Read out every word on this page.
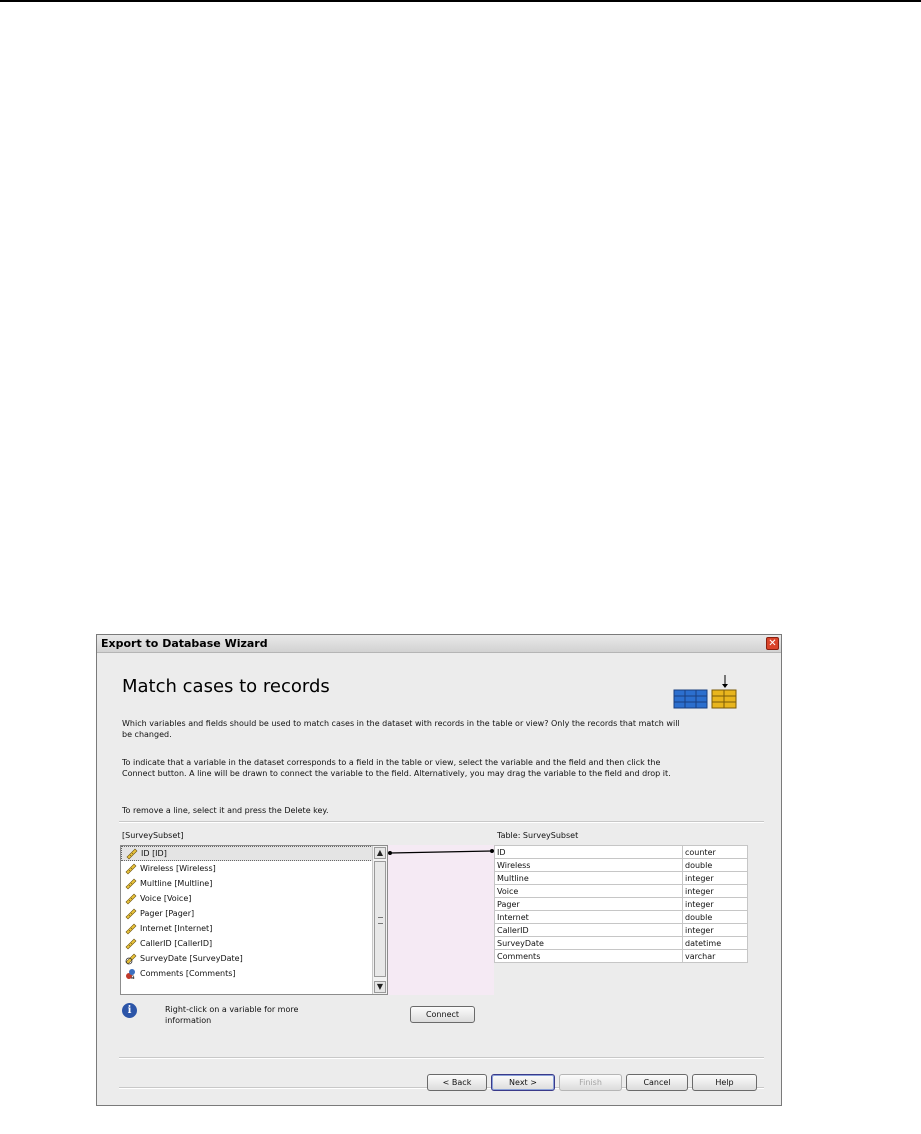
Export to Database Wizard	✕
Match cases to records
Which variables and fields should be used to match cases in the dataset with records in the table or view? Only the records that match will be changed.
To indicate that a variable in the dataset corresponds to a field in the table or view, select the variable and the field and then click the Connect button. A line will be drawn to connect the variable to the field. Alternatively, you may drag the variable to the field and drop it.
To remove a line, select it and press the Delete key.
[SurveySubset]	Table: SurveySubset
ID [ID]
Wireless [Wireless]
Multline [Multline]
Voice [Voice]
Pager [Pager]
Internet [Internet]
CallerID [CallerID]
SurveyDate [SurveyDate]
a Comments [Comments]
▲
▼
ID	counter
Wireless	double
Multline	integer
Voice	integer
Pager	integer
Internet	double
CallerID	integer
SurveyDate	datetime
Comments	varchar
i	Right-click on a variable for more information
Connect
< Back	Next >	Finish	Cancel	Help
